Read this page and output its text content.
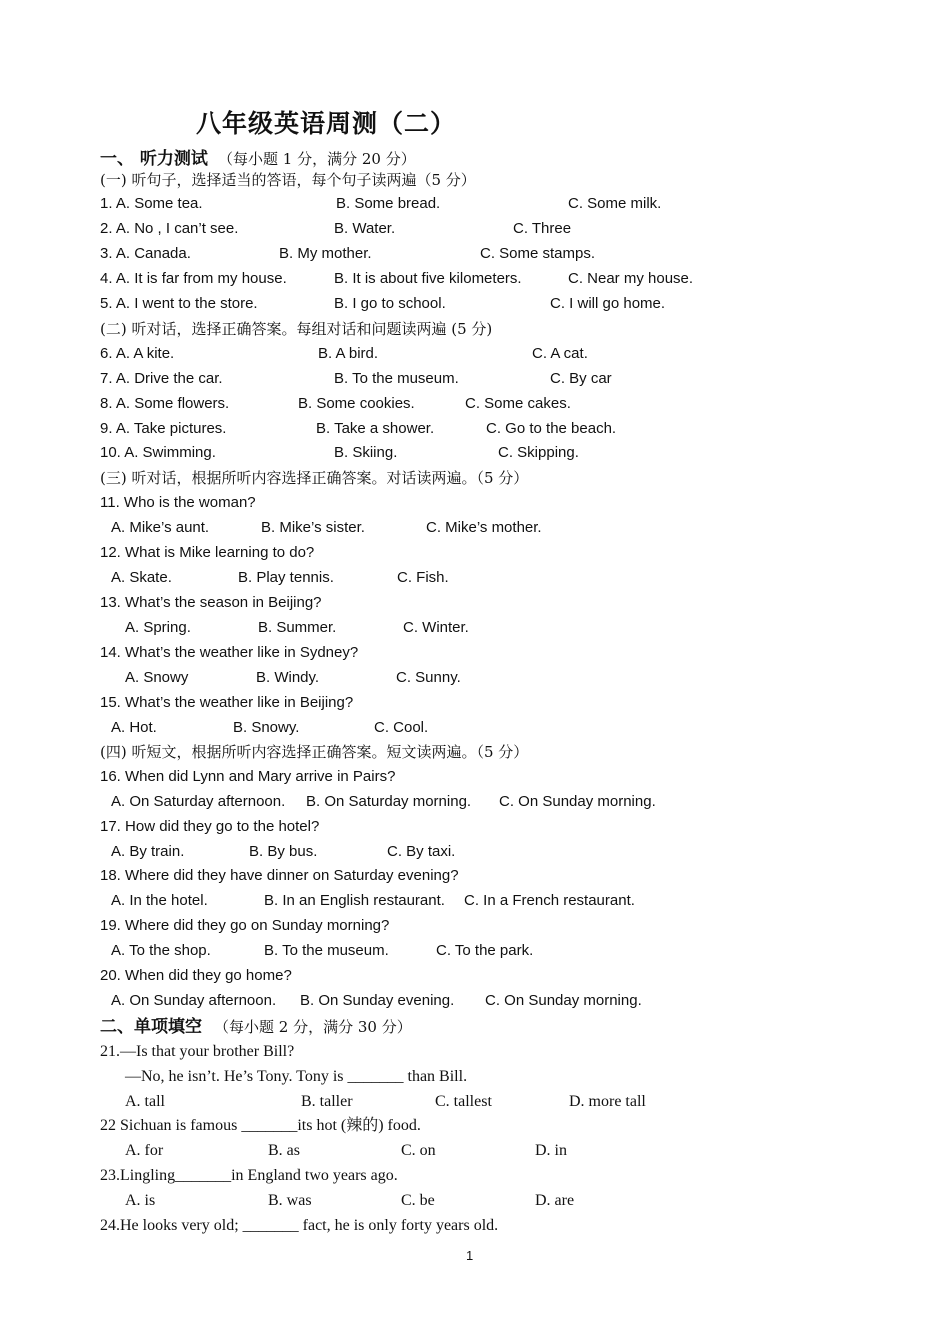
八年级英语周测（二）
一、 听力测试 （每小题 1 分，满分 20 分）
(一) 听句子，选择适当的答语，每个句子读两遍（5 分）
1. A. Some tea.	B. Some bread.	C. Some milk.
2. A. No , I can’t see.	B. Water.	C. Three
3. A. Canada.	B. My mother.	C. Some stamps.
4. A. It is far from my house.	B. It is about five kilometers.	C. Near my house.
5. A. I went to the store.	B. I go to school.	C. I will go home.
(二) 听对话，选择正确答案。每组对话和问题读两遍 (5 分)
6. A. A kite.	B. A bird.	C. A cat.
7. A. Drive the car.	B. To the museum.	C. By car
8. A. Some flowers.	B. Some cookies.	C. Some cakes.
9. A. Take pictures.	B. Take a shower.	C. Go to the beach.
10. A. Swimming.	B. Skiing.	C. Skipping.
(三) 听对话，根据所听内容选择正确答案。对话读两遍。（5 分）
11. Who is the woman?
A. Mike’s aunt.	B. Mike’s sister.	C. Mike’s mother.
12. What is Mike learning to do?
A. Skate.	B. Play tennis.	C. Fish.
13. What’s the season in Beijing?
A. Spring.	B. Summer.	C. Winter.
14. What’s the weather like in Sydney?
A. Snowy	B. Windy.	C. Sunny.
15. What’s the weather like in Beijing?
A. Hot.	B. Snowy.	C. Cool.
(四) 听短文，根据所听内容选择正确答案。短文读两遍。（5 分）
16. When did Lynn and Mary arrive in Pairs?
A. On Saturday afternoon. B. On Saturday morning. C. On Sunday morning.
17. How did they go to the hotel?
A. By train.	B. By bus.	C. By taxi.
18. Where did they have dinner on Saturday evening?
A. In the hotel.	B. In an English restaurant. C. In a French restaurant.
19. Where did they go on Sunday morning?
A. To the shop.	B. To the museum.	C. To the park.
20. When did they go home?
A. On Sunday afternoon. B. On Sunday evening. C. On Sunday morning.
二、单项填空 （每小题 2 分，满分 30 分）
21.—Is that your brother Bill?
—No, he isn’t. He’s Tony. Tony is _______ than Bill.
A. tall	B. taller	C. tallest	D. more tall
22 Sichuan is famous _______its hot (辣的) food.
A. for	B. as	C. on	D. in
23.Lingling_______in England two years ago.
A. is	B. was	C. be	D. are
24.He looks very old; _______ fact, he is only forty years old.
1
